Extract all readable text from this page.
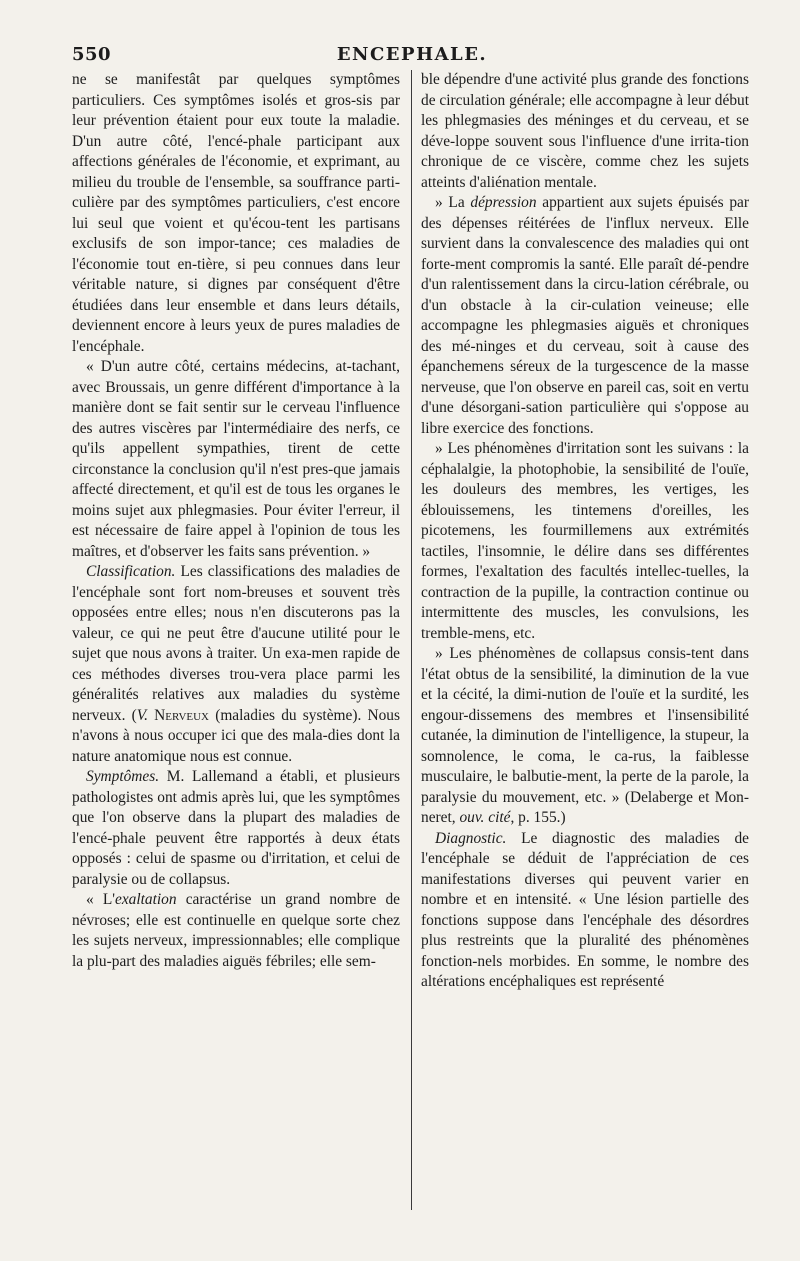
550	ENCEPHALE.

ne se manifestât par quelques symptômes particuliers. Ces symptômes isolés et gros-sis par leur prévention étaient pour eux toute la maladie. D'un autre côté, l'encé-phale participant aux affections générales de l'économie, et exprimant, au milieu du trouble de l'ensemble, sa souffrance parti-culière par des symptômes particuliers, c'est encore lui seul que voient et qu'écou-tent les partisans exclusifs de son impor-tance; ces maladies de l'économie tout en-tière, si peu connues dans leur véritable nature, si dignes par conséquent d'être étudiées dans leur ensemble et dans leurs détails, deviennent encore à leurs yeux de pures maladies de l'encéphale.

« D'un autre côté, certains médecins, at-tachant, avec Broussais, un genre différent d'importance à la manière dont se fait sentir sur le cerveau l'influence des autres viscères par l'intermédiaire des nerfs, ce qu'ils appellent sympathies, tirent de cette circonstance la conclusion qu'il n'est pres-que jamais affecté directement, et qu'il est de tous les organes le moins sujet aux phlegmasies. Pour éviter l'erreur, il est nécessaire de faire appel à l'opinion de tous les maîtres, et d'observer les faits sans prévention. »

Classification. Les classifications des maladies de l'encéphale sont fort nom-breuses et souvent très opposées entre elles; nous n'en discuterons pas la valeur, ce qui ne peut être d'aucune utilité pour le sujet que nous avons à traiter. Un exa-men rapide de ces méthodes diverses trou-vera place parmi les généralités relatives aux maladies du système nerveux. (V. Nerveux (maladies du système). Nous n'avons à nous occuper ici que des mala-dies dont la nature anatomique nous est connue.

Symptômes. M. Lallemand a établi, et plusieurs pathologistes ont admis après lui, que les symptômes que l'on observe dans la plupart des maladies de l'encé-phale peuvent être rapportés à deux états opposés : celui de spasme ou d'irritation, et celui de paralysie ou de collapsus.

« L'exaltation caractérise un grand nombre de névroses; elle est continuelle en quelque sorte chez les sujets nerveux, impressionnables; elle complique la plu-part des maladies aiguës fébriles; elle sem-

ble dépendre d'une activité plus grande des fonctions de circulation générale; elle accompagne à leur début les phlegmasies des méninges et du cerveau, et se déve-loppe souvent sous l'influence d'une irrita-tion chronique de ce viscère, comme chez les sujets atteints d'aliénation mentale.

» La dépression appartient aux sujets épuisés par des dépenses réitérées de l'influx nerveux. Elle survient dans la convalescence des maladies qui ont forte-ment compromis la santé. Elle paraît dé-pendre d'un ralentissement dans la circu-lation cérébrale, ou d'un obstacle à la cir-culation veineuse; elle accompagne les phlegmasies aiguës et chroniques des mé-ninges et du cerveau, soit à cause des épanchemens séreux de la turgescence de la masse nerveuse, que l'on observe en pareil cas, soit en vertu d'une désorgani-sation particulière qui s'oppose au libre exercice des fonctions.

» Les phénomènes d'irritation sont les suivans : la céphalalgie, la photophobie, la sensibilité de l'ouïe, les douleurs des membres, les vertiges, les éblouissemens, les tintemens d'oreilles, les picotemens, les fourmillemens aux extrémités tactiles, l'insomnie, le délire dans ses différentes formes, l'exaltation des facultés intellec-tuelles, la contraction de la pupille, la contraction continue ou intermittente des muscles, les convulsions, les tremble-mens, etc.

» Les phénomènes de collapsus consis-tent dans l'état obtus de la sensibilité, la diminution de la vue et la cécité, la dimi-nution de l'ouïe et la surdité, les engour-dissemens des membres et l'insensibilité cutanée, la diminution de l'intelligence, la stupeur, la somnolence, le coma, le ca-rus, la faiblesse musculaire, le balbutie-ment, la perte de la parole, la paralysie du mouvement, etc. » (Delaberge et Mon-neret, ouv. cité, p. 155.)

Diagnostic. Le diagnostic des maladies de l'encéphale se déduit de l'appréciation de ces manifestations diverses qui peuvent varier en nombre et en intensité. « Une lésion partielle des fonctions suppose dans l'encéphale des désordres plus restreints que la pluralité des phénomènes fonction-nels morbides. En somme, le nombre des altérations encéphaliques est représenté
